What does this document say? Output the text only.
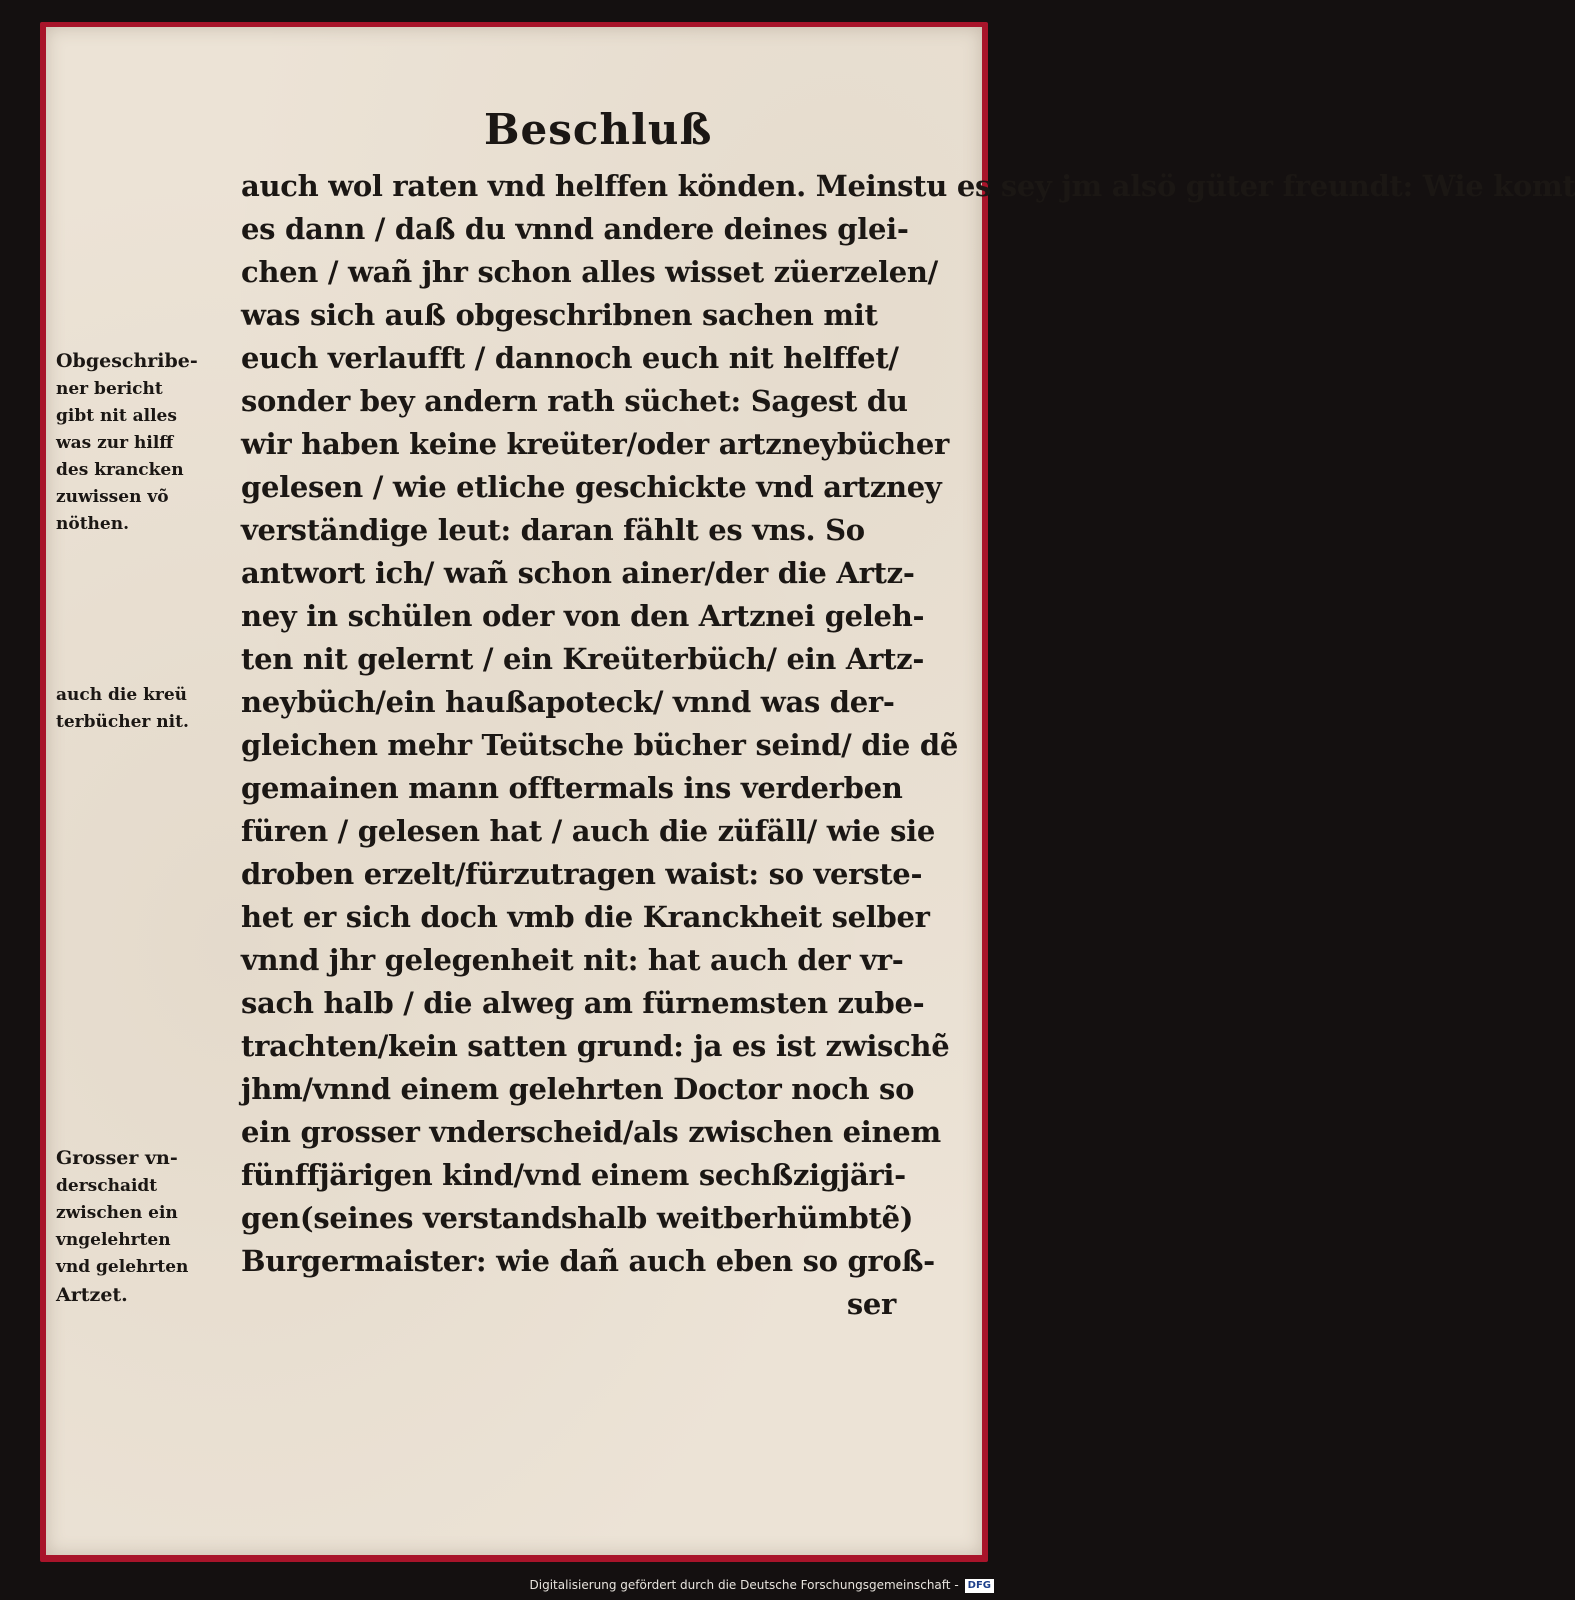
Beschluß
Obgeschribe-
ner bericht
gibt nit alles
was zur hilff
des krancken
zuwissen võ
nöthen.
auch die kreü
terbücher nit.
Grosser vn-
derschaidt
zwischen ein
vngelehrten
vnd gelehrten
Artzet.
auch wol raten vnd helffen könden. Meinstu es sey jm alsö güter freundt: Wie komt
es dann / daß du vnnd andere deines glei-
chen / wañ jhr schon alles wisset züerzelen/
was sich auß obgeschribnen sachen mit
euch verlaufft / dannoch euch nit helffet/
sonder bey andern rath süchet: Sagest du
wir haben keine kreüter/oder artzneybücher
gelesen / wie etliche geschickte vnd artzney
verständige leut: daran fählt es vns. So
antwort ich/ wañ schon ainer/der die Artz-
ney in schülen oder von den Artznei geleh-
ten nit gelernt / ein Kreüterbüch/ ein Artz-
neybüch/ein haußapoteck/ vnnd was der-
gleichen mehr Teütsche bücher seind/ die dẽ
gemainen mann offtermals ins verderben
füren / gelesen hat / auch die züfäll/ wie sie
droben erzelt/fürzutragen waist: so verste-
het er sich doch vmb die Kranckheit selber
vnnd jhr gelegenheit nit: hat auch der vr-
sach halb / die alweg am fürnemsten zube-
trachten/kein satten grund: ja es ist zwischẽ
jhm/vnnd einem gelehrten Doctor noch so
ein grosser vnderscheid/als zwischen einem
fünffjärigen kind/vnd einem sechßzigjäri-
gen(seines verstandshalb weitberhümbtẽ)
Burgermaister: wie dañ auch eben so groß-
ser
Digitalisierung gefördert durch die Deutsche Forschungsgemeinschaft - DFG
